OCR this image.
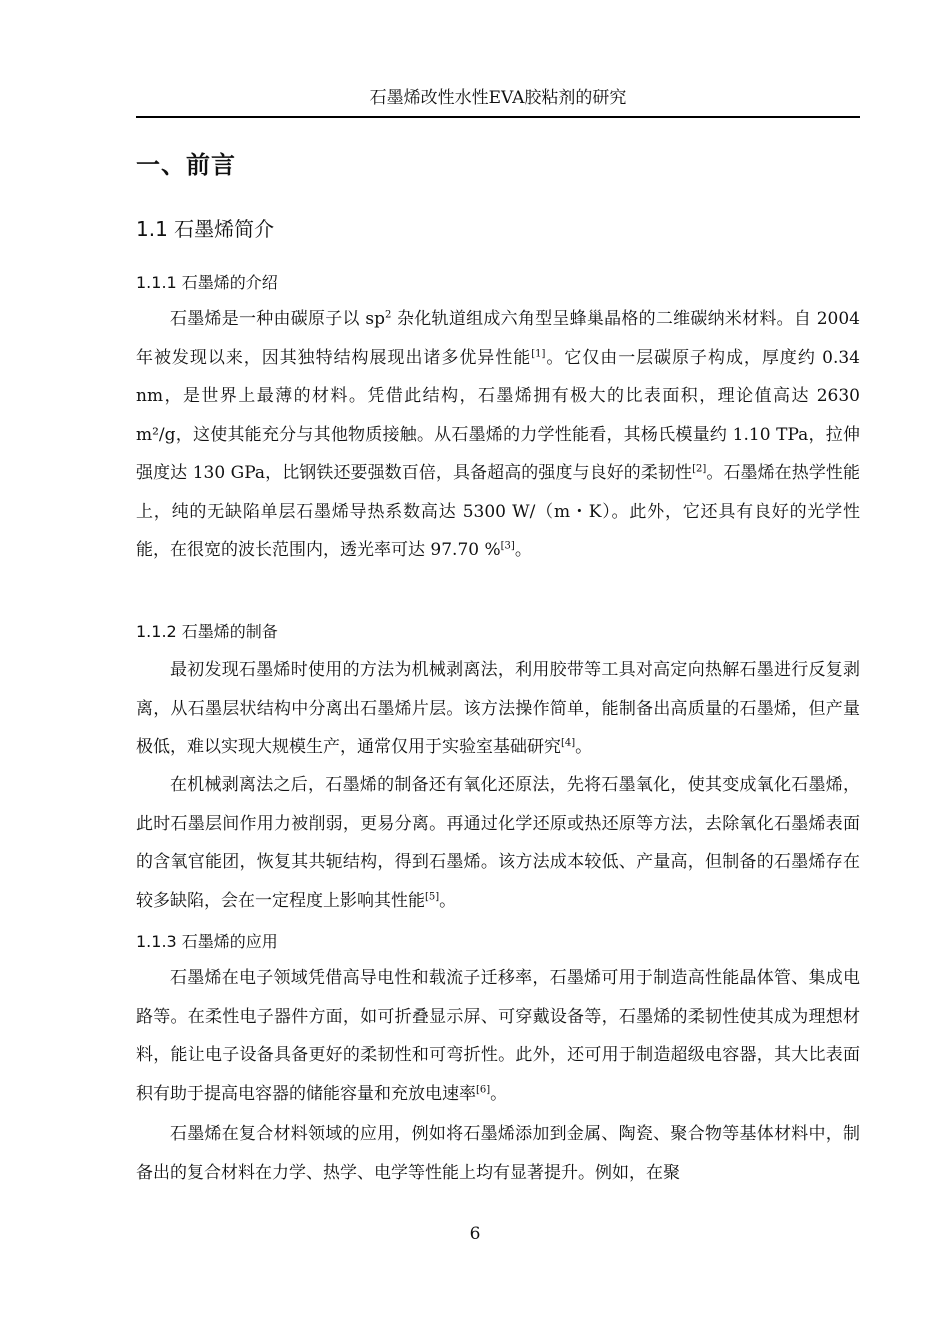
石墨烯改性水性EVA胶粘剂的研究
一、前言
1.1 石墨烯简介
1.1.1 石墨烯的介绍

石墨烯是一种由碳原子以 $sp^2$ 杂化轨道组成六角型呈蜂巢晶格的二维碳纳米材料。自 2004 年被发现以来，因其独特结构展现出诸多优异性能[1]。它仅由一层碳原子构成，厚度约 0.34 nm，是世界上最薄的材料。凭借此结构，石墨烯拥有极大的比表面积，理论值高达 2630 m²/g，这使其能充分与其他物质接触。从石墨烯的力学性能看，其杨氏模量约 1.10 TPa，拉伸强度达 130 GPa，比钢铁还要强数百倍，具备超高的强度与良好的柔韧性[2]。石墨烯在热学性能上，纯的无缺陷单层石墨烯导热系数高达 5300 W/（m・K）。此外，它还具有良好的光学性能，在很宽的波长范围内，透光率可达 97.70 %[3]。

1.1.2 石墨烯的制备

最初发现石墨烯时使用的方法为机械剥离法，利用胶带等工具对高定向热解石墨进行反复剥离，从石墨层状结构中分离出石墨烯片层。该方法操作简单，能制备出高质量的石墨烯，但产量极低，难以实现大规模生产，通常仅用于实验室基础研究[4]。

在机械剥离法之后，石墨烯的制备还有氧化还原法，先将石墨氧化，使其变成氧化石墨烯，此时石墨层间作用力被削弱，更易分离。再通过化学还原或热还原等方法，去除氧化石墨烯表面的含氧官能团，恢复其共轭结构，得到石墨烯。该方法成本较低、产量高，但制备的石墨烯存在较多缺陷，会在一定程度上影响其性能[5]。

1.1.3 石墨烯的应用

石墨烯在电子领域凭借高导电性和载流子迁移率，石墨烯可用于制造高性能晶体管、集成电路等。在柔性电子器件方面，如可折叠显示屏、可穿戴设备等，石墨烯的柔韧性使其成为理想材料，能让电子设备具备更好的柔韧性和可弯折性。此外，还可用于制造超级电容器，其大比表面积有助于提高电容器的储能容量和充放电速率[6]。

石墨烯在复合材料领域的应用，例如将石墨烯添加到金属、陶瓷、聚合物等基体材料中，制备出的复合材料在力学、热学、电学等性能上均有显著提升。例如，在聚

6
